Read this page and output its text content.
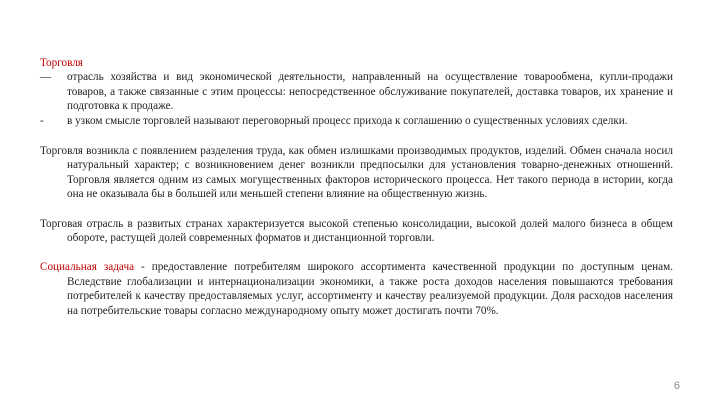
Торговля
— отрасль хозяйства и вид экономической деятельности, направленный на осуществление товарообмена, купли-продажи товаров, а также связанные с этим процессы: непосредственное обслуживание покупателей, доставка товаров, их хранение и подготовка к продаже.
- в узком смысле торговлей называют переговорный процесс прихода к соглашению о существенных условиях сделки.

Торговля возникла с появлением разделения труда, как обмен излишками производимых продуктов, изделий. Обмен сначала носил натуральный характер; с возникновением денег возникли предпосылки для установления товарно-денежных отношений. Торговля является одним из самых могущественных факторов исторического процесса. Нет такого периода в истории, когда она не оказывала бы в большей или меньшей степени влияние на общественную жизнь.

Торговая отрасль в развитых странах характеризуется высокой степенью консолидации, высокой долей малого бизнеса в общем обороте, растущей долей современных форматов и дистанционной торговли.

Социальная задача - предоставление потребителям широкого ассортимента качественной продукции по доступным ценам. Вследствие глобализации и интернационализации экономики, а также роста доходов населения повышаются требования потребителей к качеству предоставляемых услуг, ассортименту и качеству реализуемой продукции. Доля расходов населения на потребительские товары согласно международному опыту может достигать почти 70%.

6
